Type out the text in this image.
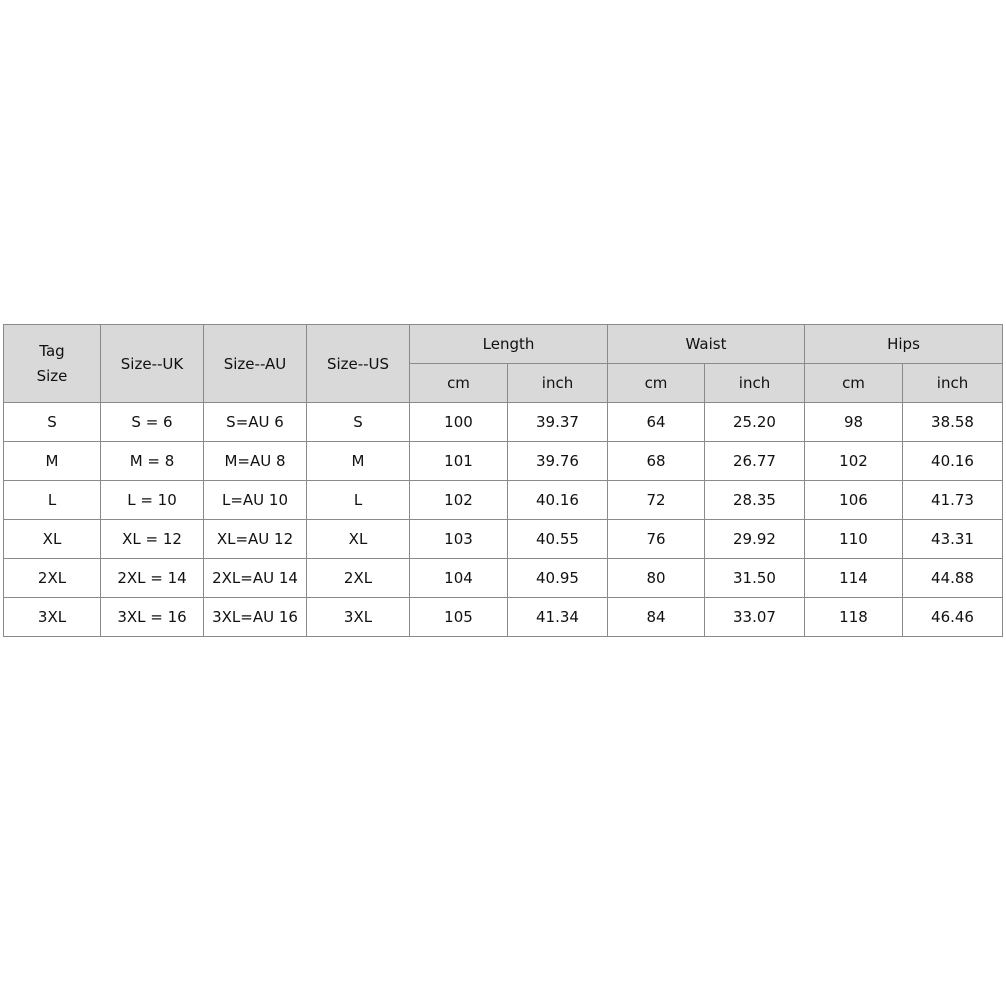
Tag
Size	Size--UK	Size--AU	Size--US	Length		Waist		Hips	
				cm	inch	cm	inch	cm	inch
S	S = 6	S=AU 6	S	100	39.37	64	25.20	98	38.58
M	M = 8	M=AU 8	M	101	39.76	68	26.77	102	40.16
L	L = 10	L=AU 10	L	102	40.16	72	28.35	106	41.73
XL	XL = 12	XL=AU 12	XL	103	40.55	76	29.92	110	43.31
2XL	2XL = 14	2XL=AU 14	2XL	104	40.95	80	31.50	114	44.88
3XL	3XL = 16	3XL=AU 16	3XL	105	41.34	84	33.07	118	46.46
